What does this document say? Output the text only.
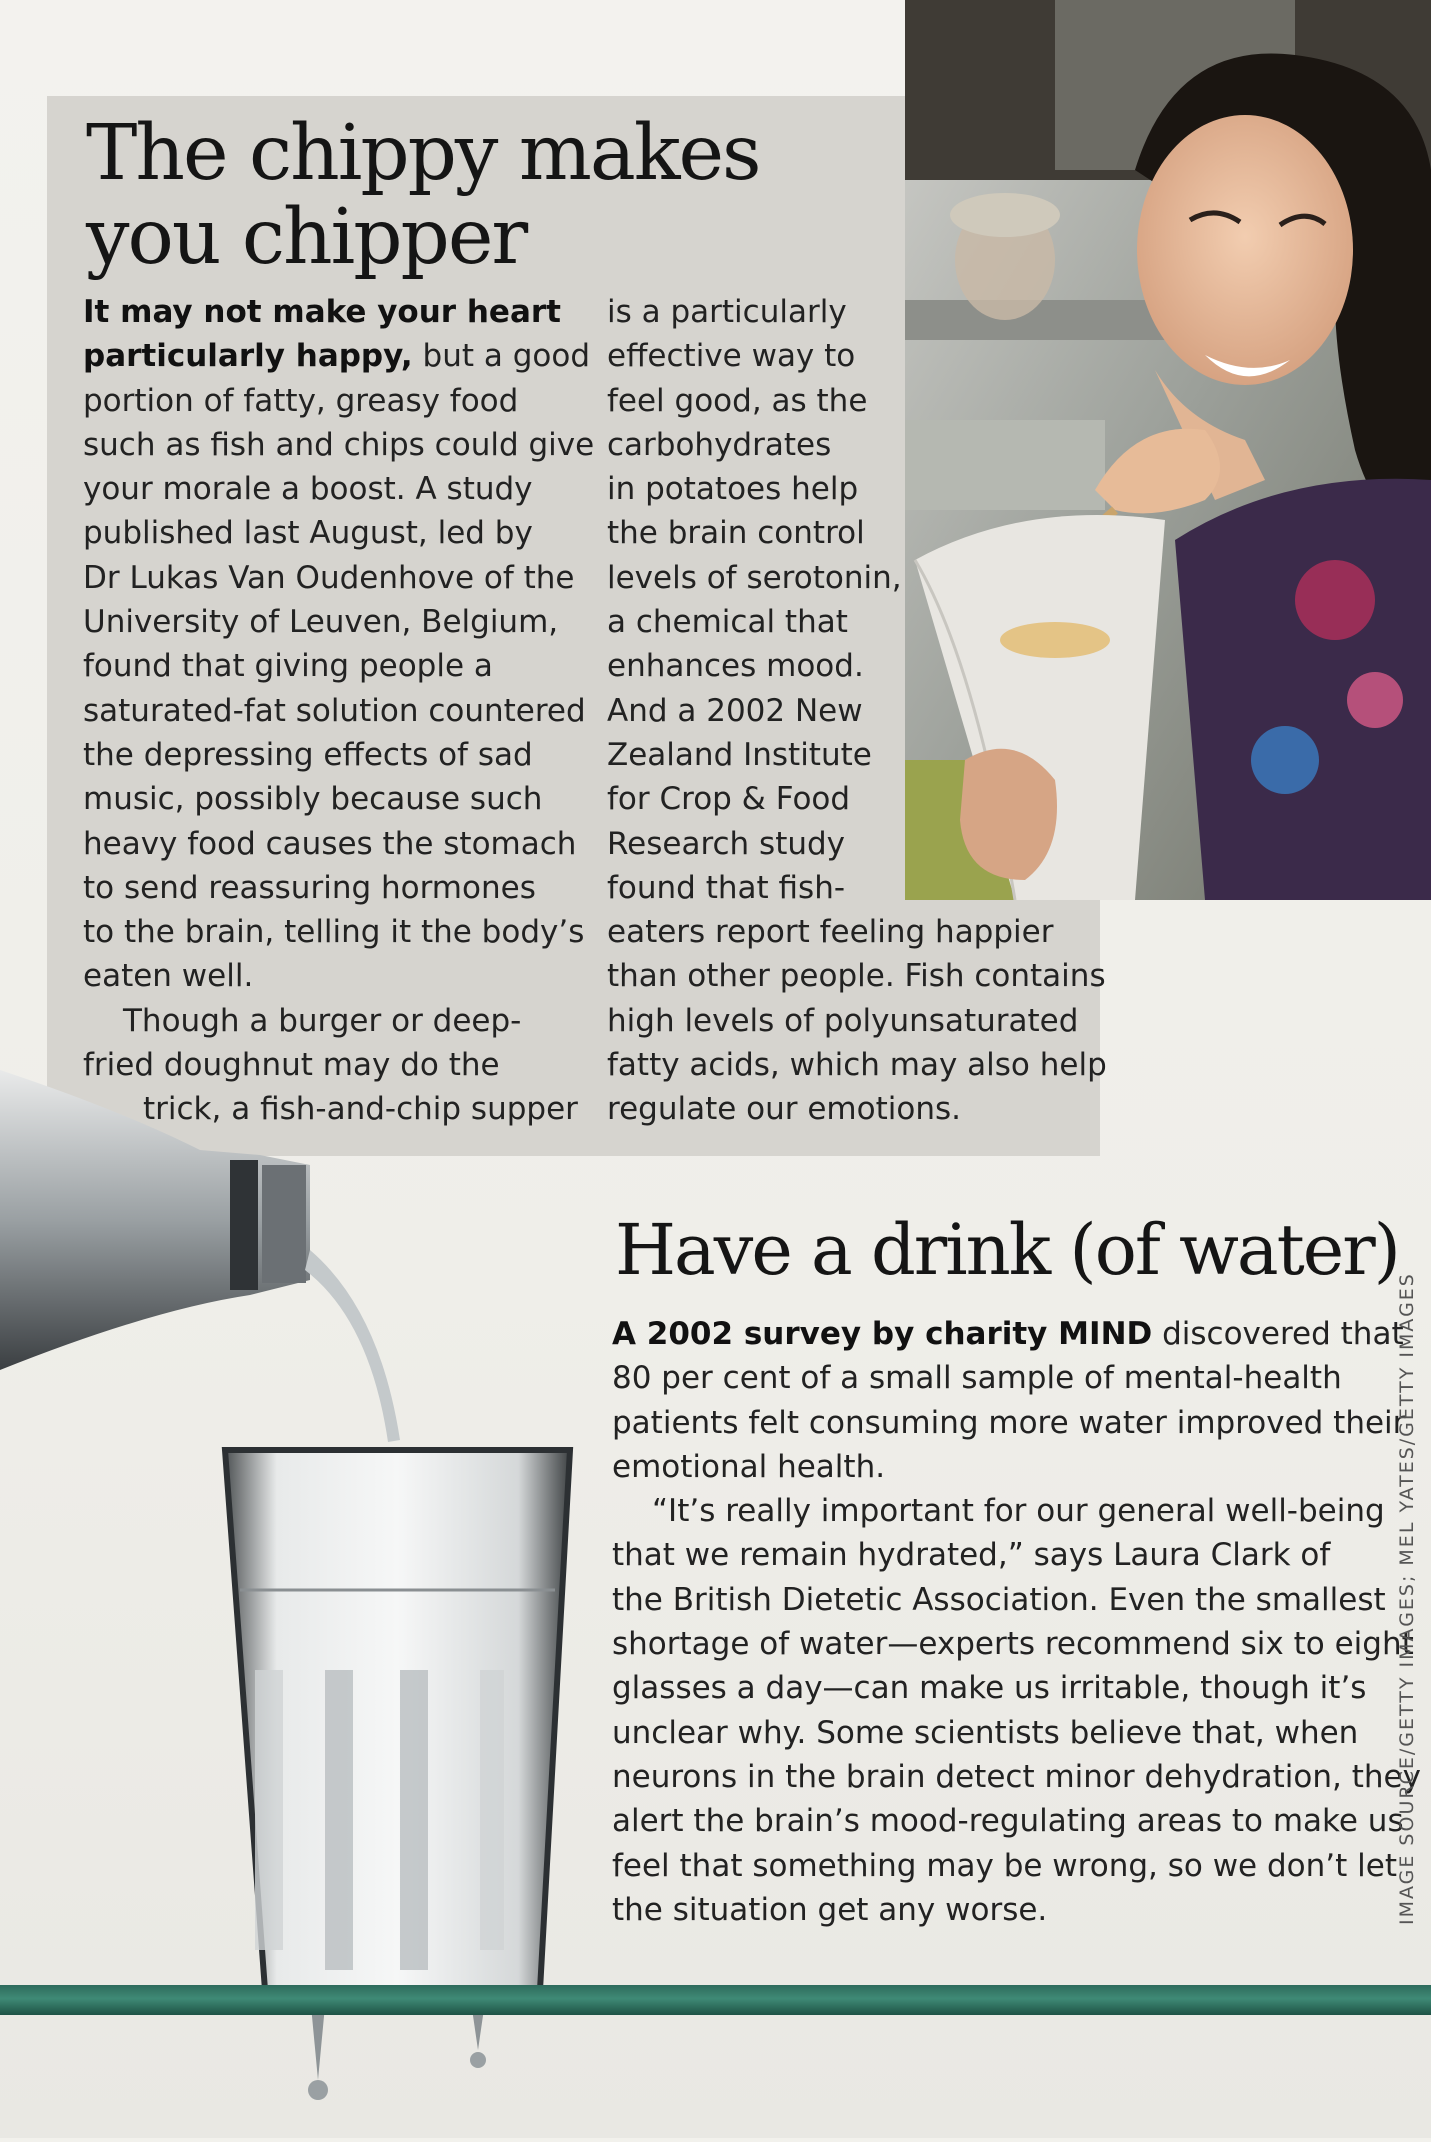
The chippy makes
you chipper
It may not make your heart
particularly happy, but a good
portion of fatty, greasy food
such as fish and chips could give
your morale a boost. A study
published last August, led by
Dr Lukas Van Oudenhove of the
University of Leuven, Belgium,
found that giving people a
saturated-fat solution countered
the depressing effects of sad
music, possibly because such
heavy food causes the stomach
to send reassuring hormones
to the brain, telling it the body’s
eaten well.
Though a burger or deep-
fried doughnut may do the
trick, a fish-and-chip supper
is a particularly
effective way to
feel good, as the
carbohydrates
in potatoes help
the brain control
levels of serotonin,
a chemical that
enhances mood.
And a 2002 New
Zealand Institute
for Crop & Food
Research study
found that fish-
eaters report feeling happier
than other people. Fish contains
high levels of polyunsaturated
fatty acids, which may also help
regulate our emotions.
Have a drink (of water)
A 2002 survey by charity MIND discovered that
80 per cent of a small sample of mental-health
patients felt consuming more water improved their
emotional health.
“It’s really important for our general well-being
that we remain hydrated,” says Laura Clark of
the British Dietetic Association. Even the smallest
shortage of water—experts recommend six to eight
glasses a day—can make us irritable, though it’s
unclear why. Some scientists believe that, when
neurons in the brain detect minor dehydration, they
alert the brain’s mood-regulating areas to make us
feel that something may be wrong, so we don’t let
the situation get any worse.	IMAGE SOURCE/GETTY IMAGES; MEL YATES/GETTY IMAGES
